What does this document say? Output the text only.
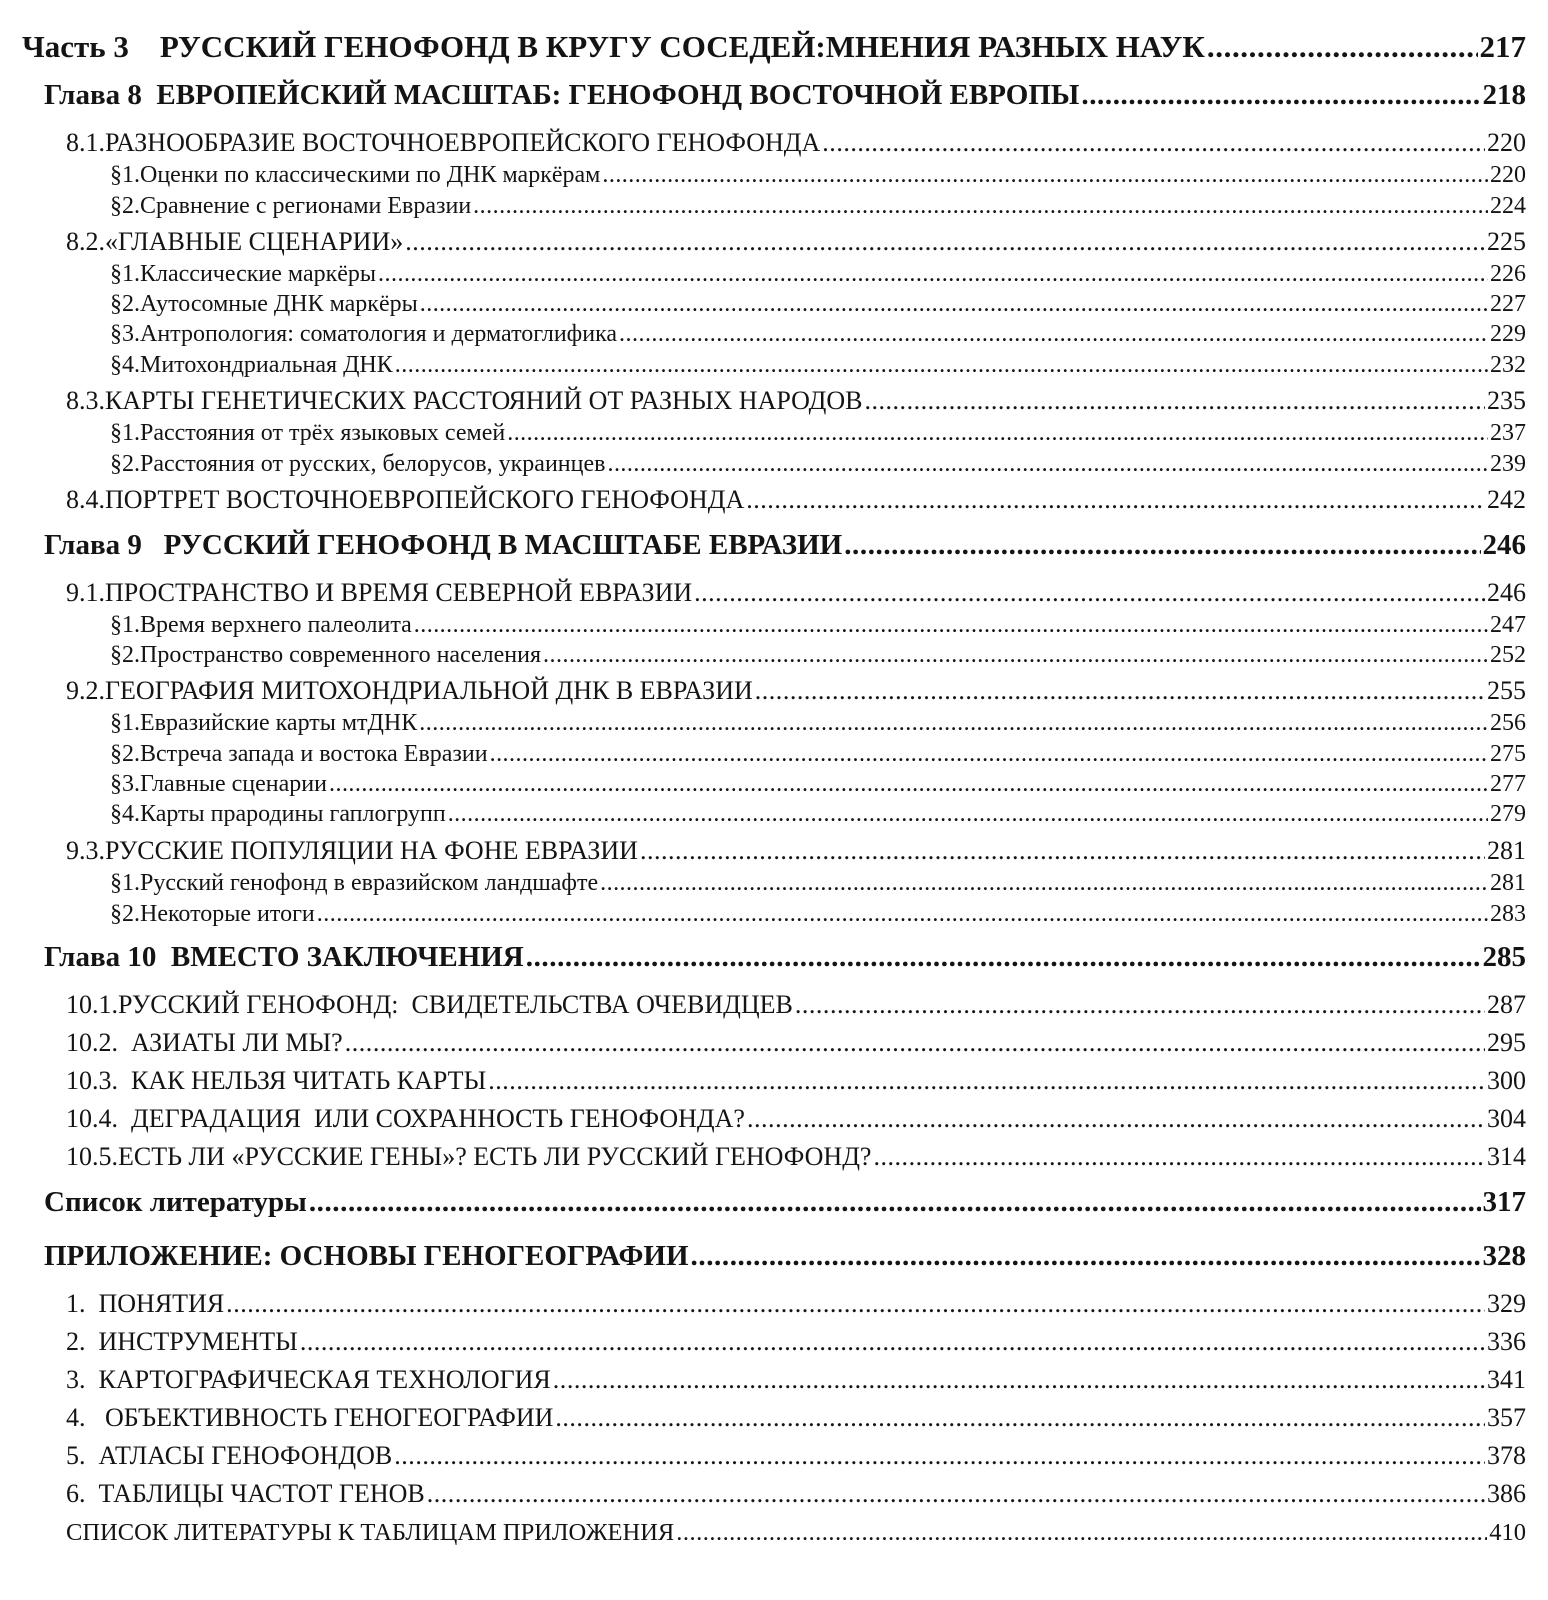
Часть 3    РУССКИЙ ГЕНОФОНД В КРУГУ СОСЕДЕЙ:МНЕНИЯ РАЗНЫХ НАУК .....	217
Глава 8  ЕВРОПЕЙСКИЙ МАСШТАБ: ГЕНОФОНД ВОСТОЧНОЙ ЕВРОПЫ .....	218
8.1.РАЗНООБРАЗИЕ ВОСТОЧНОЕВРОПЕЙСКОГО ГЕНОФОНДА .....	220
§1.Оценки по классическими по ДНК маркёрам .....	220
§2.Сравнение с регионами Евразии .....	224
8.2.«ГЛАВНЫЕ СЦЕНАРИИ» .....	225
§1.Классические маркёры .....	226
§2.Аутосомные ДНК маркёры .....	227
§3.Антропология: соматология и дерматоглифика .....	229
§4.Митохондриальная ДНК .....	232
8.3.КАРТЫ ГЕНЕТИЧЕСКИХ РАССТОЯНИЙ ОТ РАЗНЫХ НАРОДОВ .....	235
§1.Расстояния от трёх языковых семей .....	237
§2.Расстояния от русских, белорусов, украинцев .....	239
8.4.ПОРТРЕТ ВОСТОЧНОЕВРОПЕЙСКОГО ГЕНОФОНДА .....	242
Глава 9   РУССКИЙ ГЕНОФОНД В МАСШТАБЕ ЕВРАЗИИ .....	246
9.1.ПРОСТРАНСТВО И ВРЕМЯ СЕВЕРНОЙ ЕВРАЗИИ .....	246
§1.Время верхнего палеолита .....	247
§2.Пространство современного населения .....	252
9.2.ГЕОГРАФИЯ МИТОХОНДРИАЛЬНОЙ ДНК В ЕВРАЗИИ .....	255
§1.Евразийские карты мтДНК .....	256
§2.Встреча запада и востока Евразии .....	275
§3.Главные сценарии .....	277
§4.Карты прародины гаплогрупп .....	279
9.3.РУССКИЕ ПОПУЛЯЦИИ НА ФОНЕ ЕВРАЗИИ .....	281
§1.Русский генофонд в евразийском ландшафте .....	281
§2.Некоторые итоги .....	283
Глава 10  ВМЕСТО ЗАКЛЮЧЕНИЯ .....	285
10.1.РУССКИЙ ГЕНОФОНД:  СВИДЕТЕЛЬСТВА ОЧЕВИДЦЕВ .....	287
10.2.  АЗИАТЫ ЛИ МЫ? .....	295
10.3.  КАК НЕЛЬЗЯ ЧИТАТЬ КАРТЫ .....	300
10.4.  ДЕГРАДАЦИЯ  ИЛИ СОХРАННОСТЬ ГЕНОФОНДА? .....	304
10.5.ЕСТЬ ЛИ «РУССКИЕ ГЕНЫ»? ЕСТЬ ЛИ РУССКИЙ ГЕНОФОНД? .....	314
Список литературы .....	317
ПРИЛОЖЕНИЕ: ОСНОВЫ ГЕНОГЕОГРАФИИ .....	328
1.  ПОНЯТИЯ .....	329
2.  ИНСТРУМЕНТЫ .....	336
3.  КАРТОГРАФИЧЕСКАЯ ТЕХНОЛОГИЯ .....	341
4.   ОБЪЕКТИВНОСТЬ ГЕНОГЕОГРАФИИ .....	357
5.  АТЛАСЫ ГЕНОФОНДОВ .....	378
6.  ТАБЛИЦЫ ЧАСТОТ ГЕНОВ .....	386
СПИСОК ЛИТЕРАТУРЫ К ТАБЛИЦАМ ПРИЛОЖЕНИЯ .....	410
